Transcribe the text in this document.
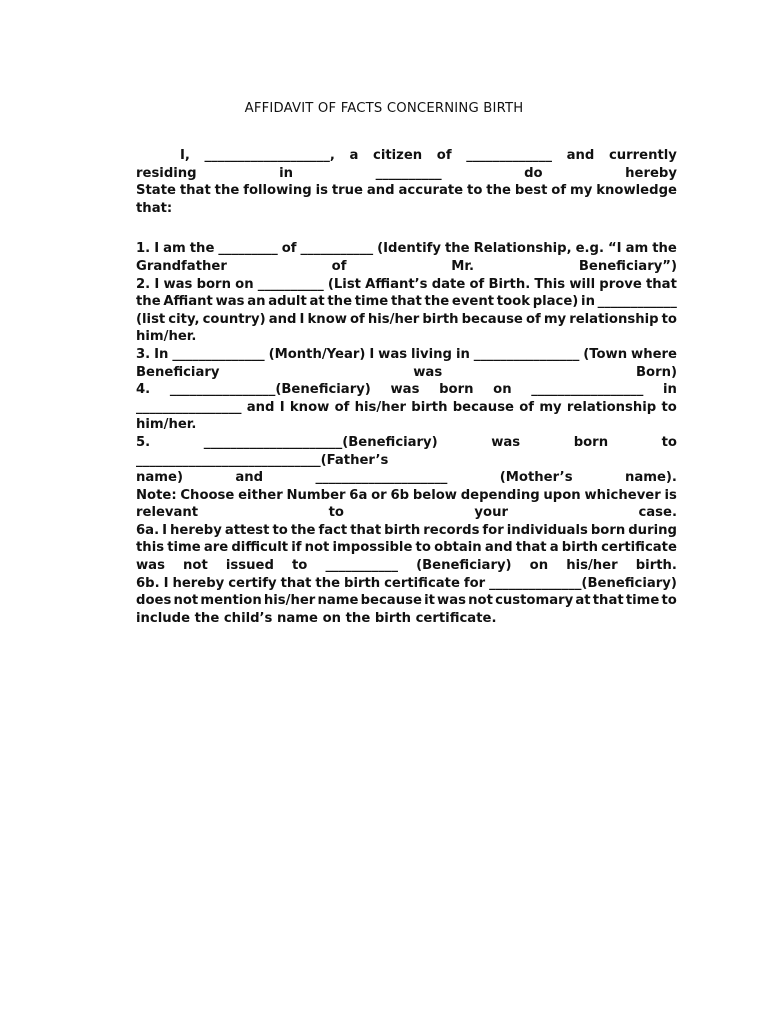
AFFIDAVIT OF FACTS CONCERNING BIRTH
I, ___________________, a citizen of _____________ and currently
residing	in	__________	do	hereby
State that the following is true and accurate to the best of my knowledge
that:
1. I am the _________ of ___________ (Identify the Relationship, e.g. “I am the
Grandfather	of	Mr.	Beneficiary”)
2. I was born on __________ (List Affiant’s date of Birth. This will prove that
the Affiant was an adult at the time that the event took place) in ____________
(list city, country) and I know of his/her birth because of my relationship to
him/her.
3. In ______________ (Month/Year) I was living in ________________ (Town where
Beneficiary	was	Born)
4. ________________(Beneficiary) was born on _________________ in
________________ and I know of his/her birth because of my relationship to
him/her.
5.	_____________________(Beneficiary)	was	born	to
____________________________(Father’s
name)	and	____________________	(Mother’s	name).
Note: Choose either Number 6a or 6b below depending upon whichever is
relevant	to	your	case.
6a. I hereby attest to the fact that birth records for individuals born during
this time are difficult if not impossible to obtain and that a birth certificate
was not issued to ___________ (Beneficiary) on his/her birth.
6b. I hereby certify that the birth certificate for ______________(Beneficiary)
does not mention his/her name because it was not customary at that time to
include the child’s name on the birth certificate.
